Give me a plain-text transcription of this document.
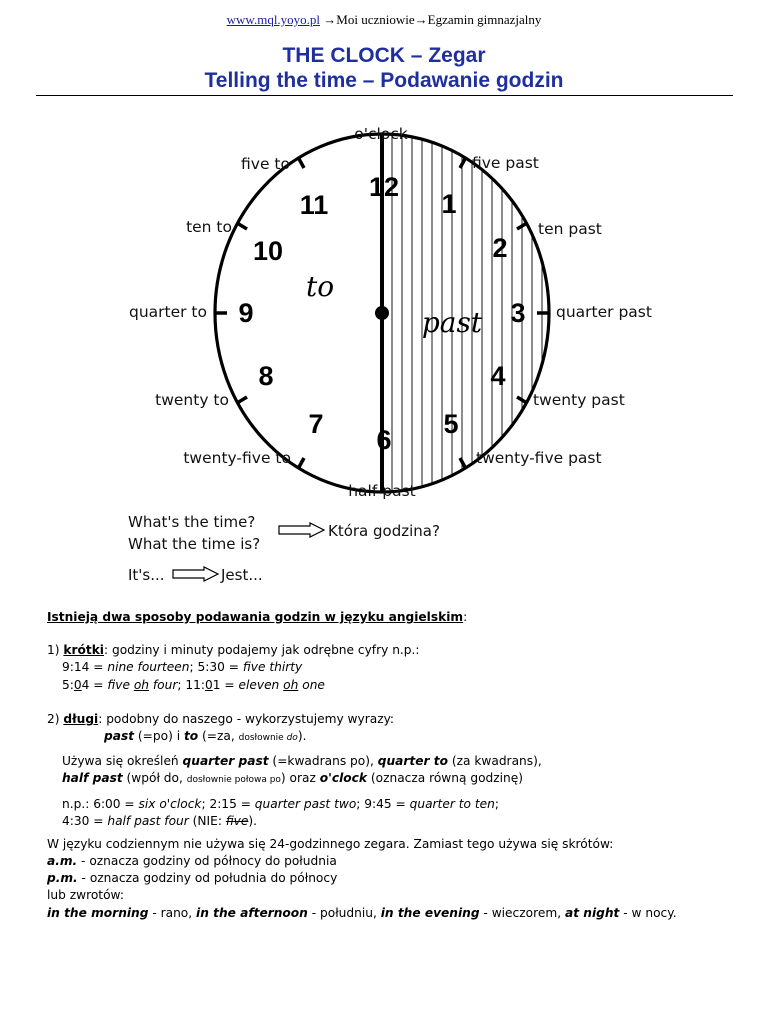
www.mql.yoyo.pl →Moi uczniowie→Egzamin gimnazjalny
THE CLOCK – Zegar
Telling the time – Podawanie godzin
12
1
2
3
4
5
6
7
8
9
10
11
to
past
o'clock
five past
ten past
quarter past
twenty past
twenty-five past
half past
twenty-five to
twenty to
quarter to
ten to
five to
What's the time?
What the time is?
Która godzina?
It's...	Jest...
Istnieją dwa sposoby podawania godzin w języku angielskim:
1) krótki: godziny i minuty podajemy jak odrębne cyfry n.p.:
9:14 = nine fourteen; 5:30 = five thirty
5:04 = five oh four; 11:01 = eleven oh one
2) długi: podobny do naszego - wykorzystujemy wyrazy:
past (=po) i to (=za, dosłownie do).
Używa się określeń quarter past (=kwadrans po), quarter to (za kwadrans),
half past (wpół do, dosłownie połowa po) oraz o'clock (oznacza równą godzinę)
n.p.: 6:00 = six o'clock; 2:15 = quarter past two; 9:45 = quarter to ten;
4:30 = half past four (NIE: five).
W języku codziennym nie używa się 24-godzinnego zegara. Zamiast tego używa się skrótów:
a.m. - oznacza godziny od północy do południa
p.m. - oznacza godziny od południa do północy
lub zwrotów:
in the morning - rano, in the afternoon - południu, in the evening - wieczorem, at night - w nocy.
